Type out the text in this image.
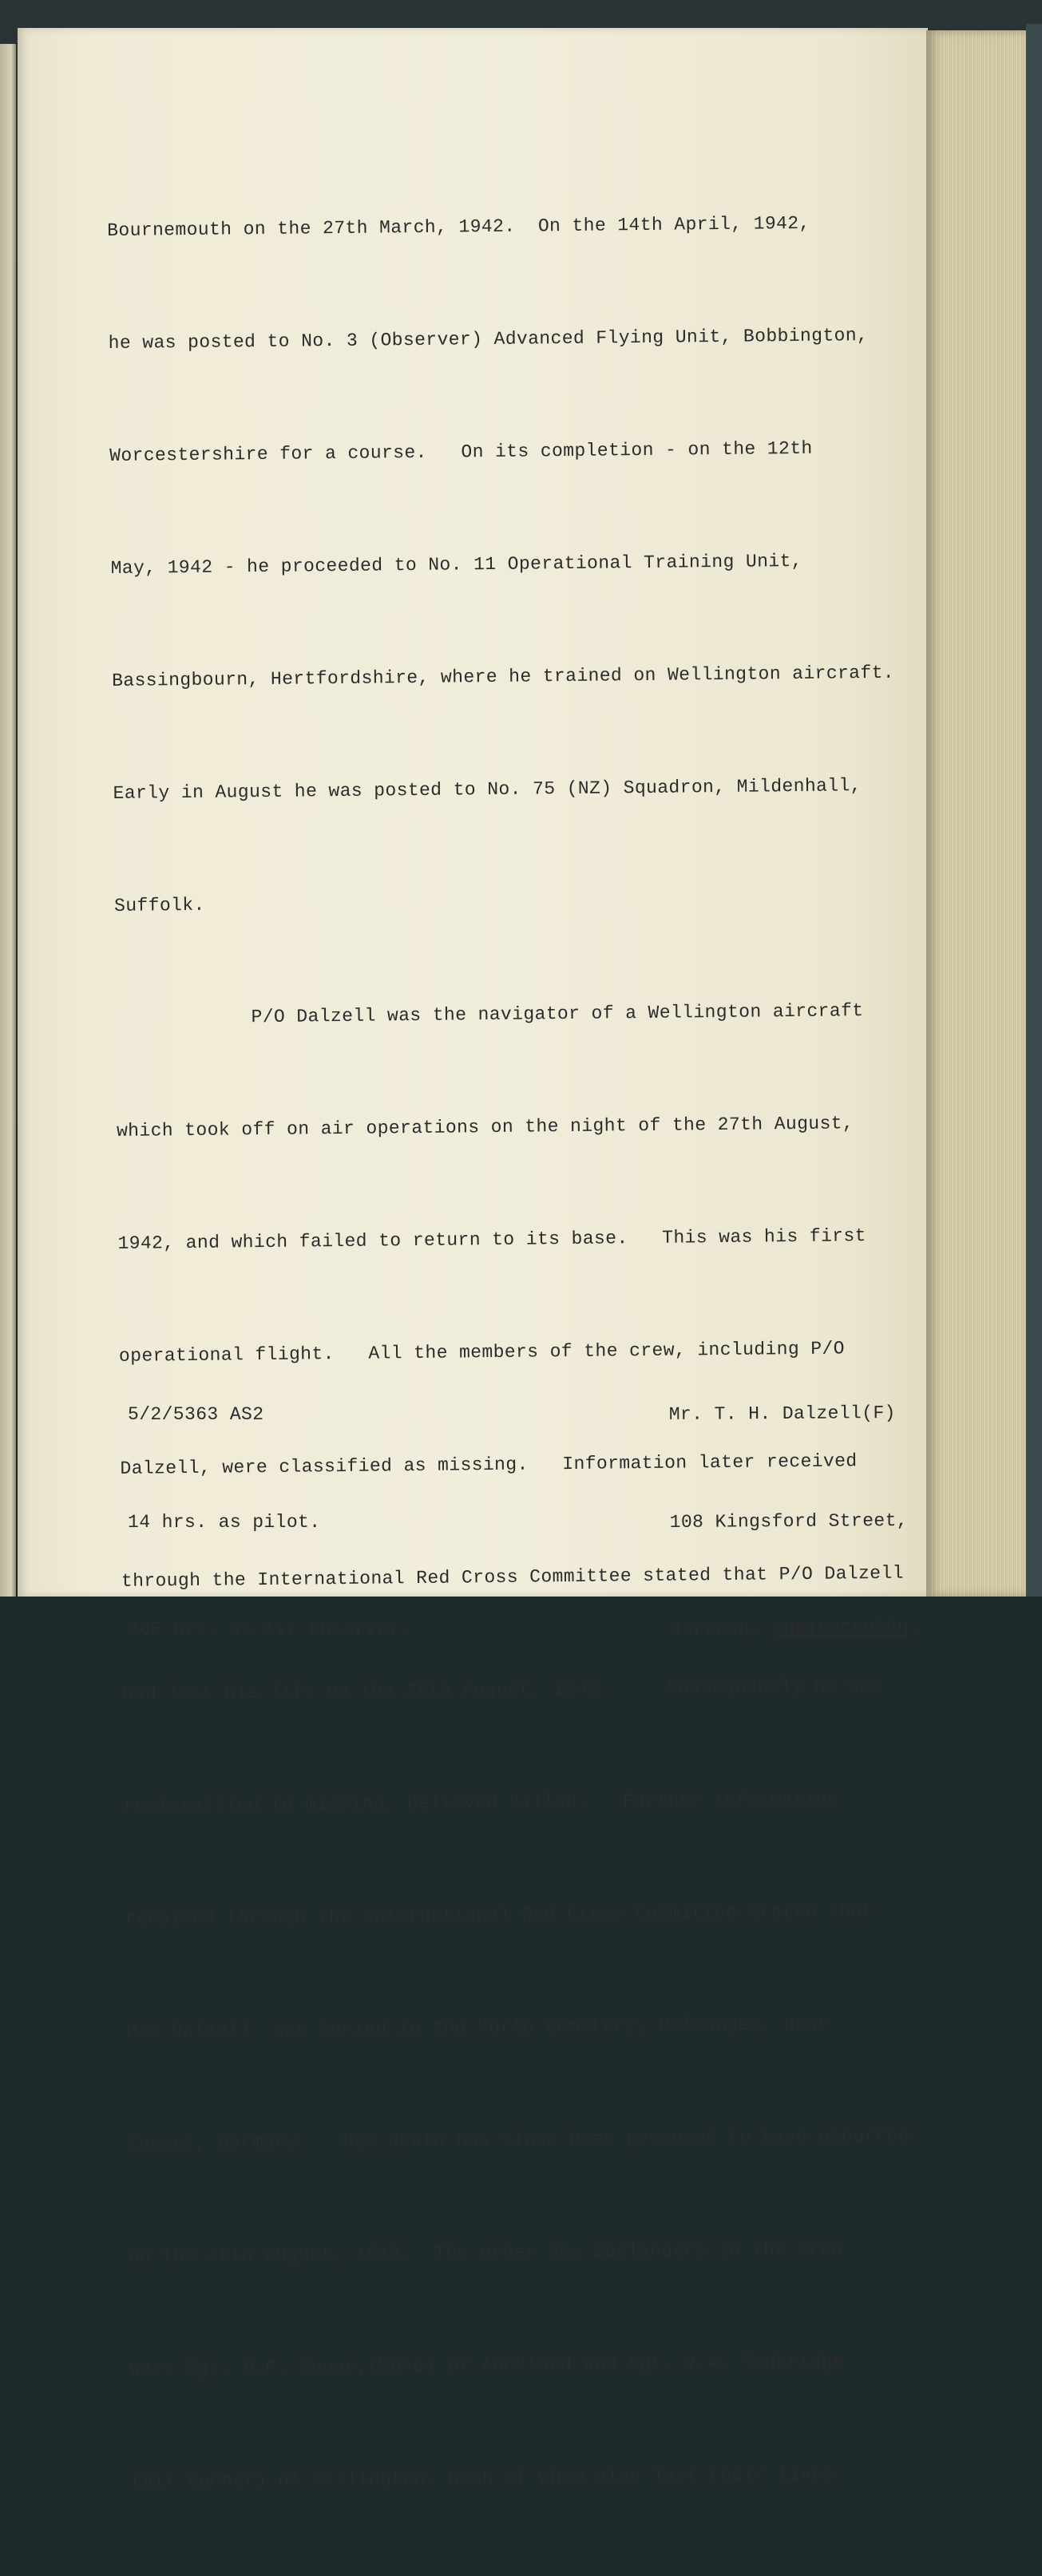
Bournemouth on the 27th March, 1942.  On the 14th April, 1942,

he was posted to No. 3 (Observer) Advanced Flying Unit, Bobbington,

Worcestershire for a course.   On its completion - on the 12th

May, 1942 - he proceeded to No. 11 Operational Training Unit,

Bassingbourn, Hertfordshire, where he trained on Wellington aircraft.

Early in August he was posted to No. 75 (NZ) Squadron, Mildenhall,

Suffolk.

P/O Dalzell was the navigator of a Wellington aircraft

which took off on air operations on the night of the 27th August,

1942, and which failed to return to its base.   This was his first

operational flight.   All the members of the crew, including P/O

Dalzell, were classified as missing.   Information later received

through the International Red Cross Committee stated that P/O Dalzell

had lost his life on the 28th August, 1942.     Subsequently he was

reclassified to missing, believed killed.   Further information

received through the International Red Cross Committee stated that

P/O Dalzell  was buried in the Korle Cemetery, Melsungen, near

Kassel, Germany.   His death has since been presumed to have occurred

on the 28th August, 1942.  The other New Zealanders in the crew

were Sgt. D.P. Hogan,(WOAG) of Auckland and Sgt. V.A. Tunbridge

(Air Gunner) of Wellington, both of whom also lost their lives.

5/2/5363 AS2

14 hrs. as pilot.

265 hrs. as Air Observer.

Mr. T. H. Dalzell(F)

108 Kingsford Street,

Burwood, CHRISTCHURCH.
